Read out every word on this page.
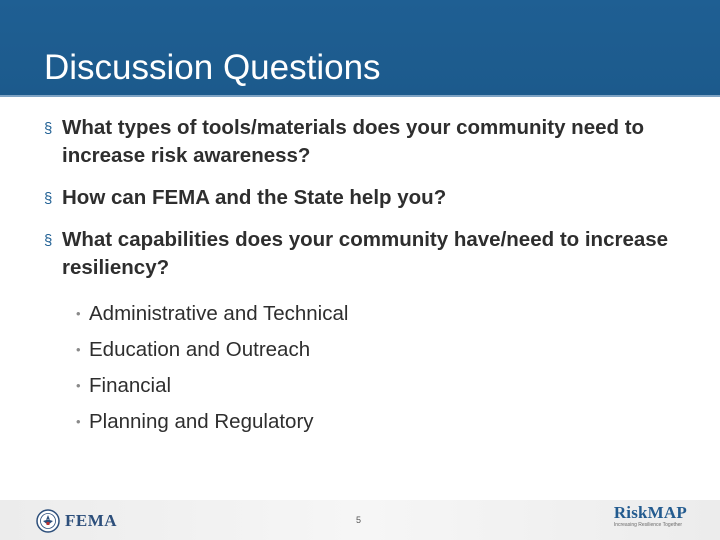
Discussion Questions
§ What types of tools/materials does your community need to increase risk awareness?
§ How can FEMA and the State help you?
§ What capabilities does your community have/need to increase resiliency?
• Administrative and Technical
• Education and Outreach
• Financial
• Planning and Regulatory
FEMA	5	RiskMAP
Increasing Resilience Together
